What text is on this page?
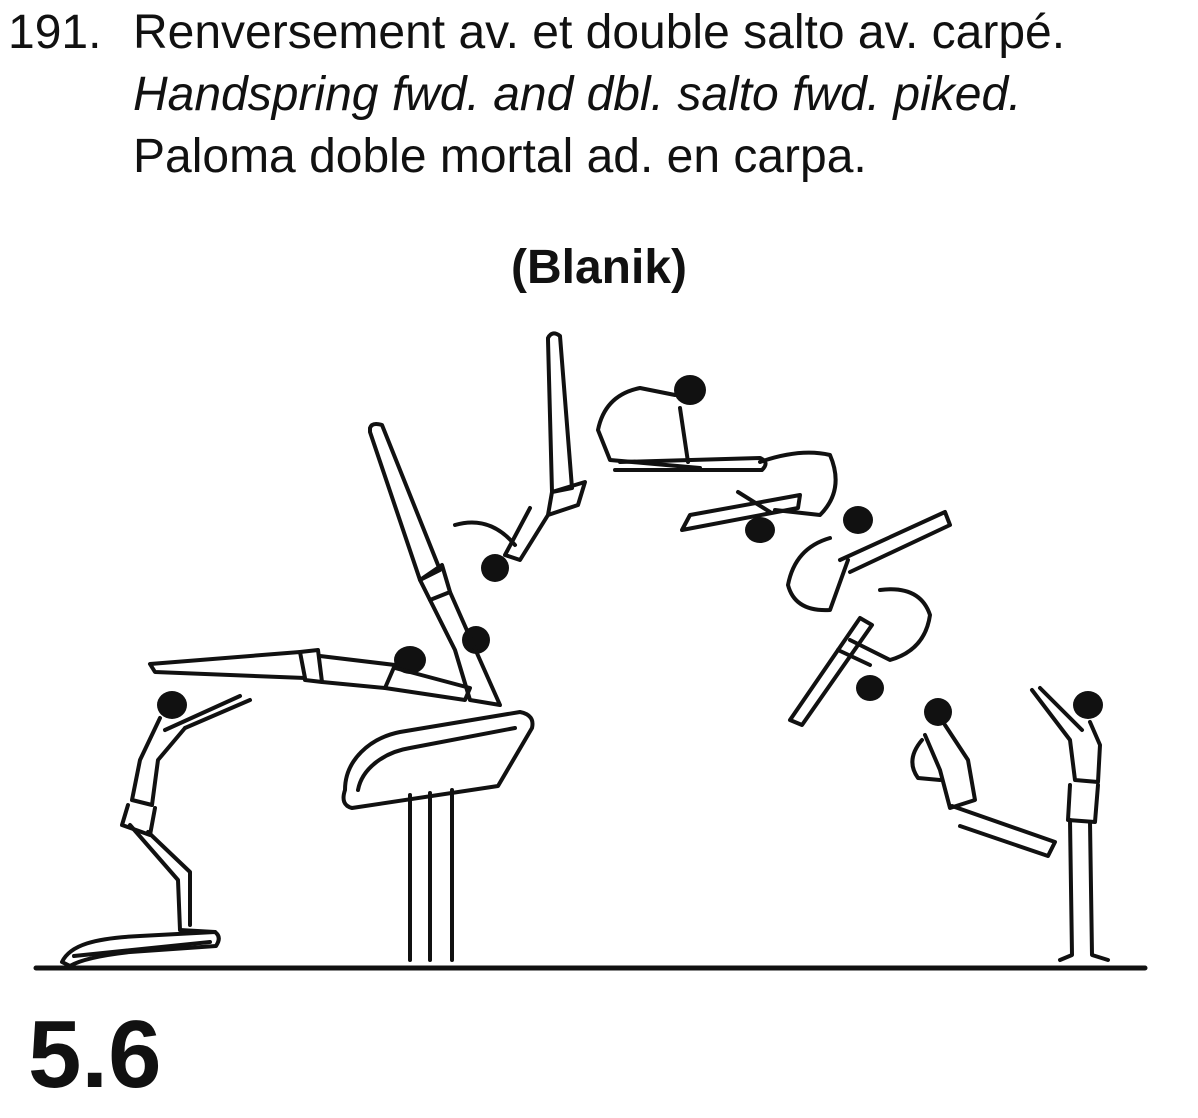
191. Renversement av. et double salto av. carpé.
Handspring fwd. and dbl. salto fwd. piked.
Paloma doble mortal ad. en carpa.
(Blanik)
5.6
